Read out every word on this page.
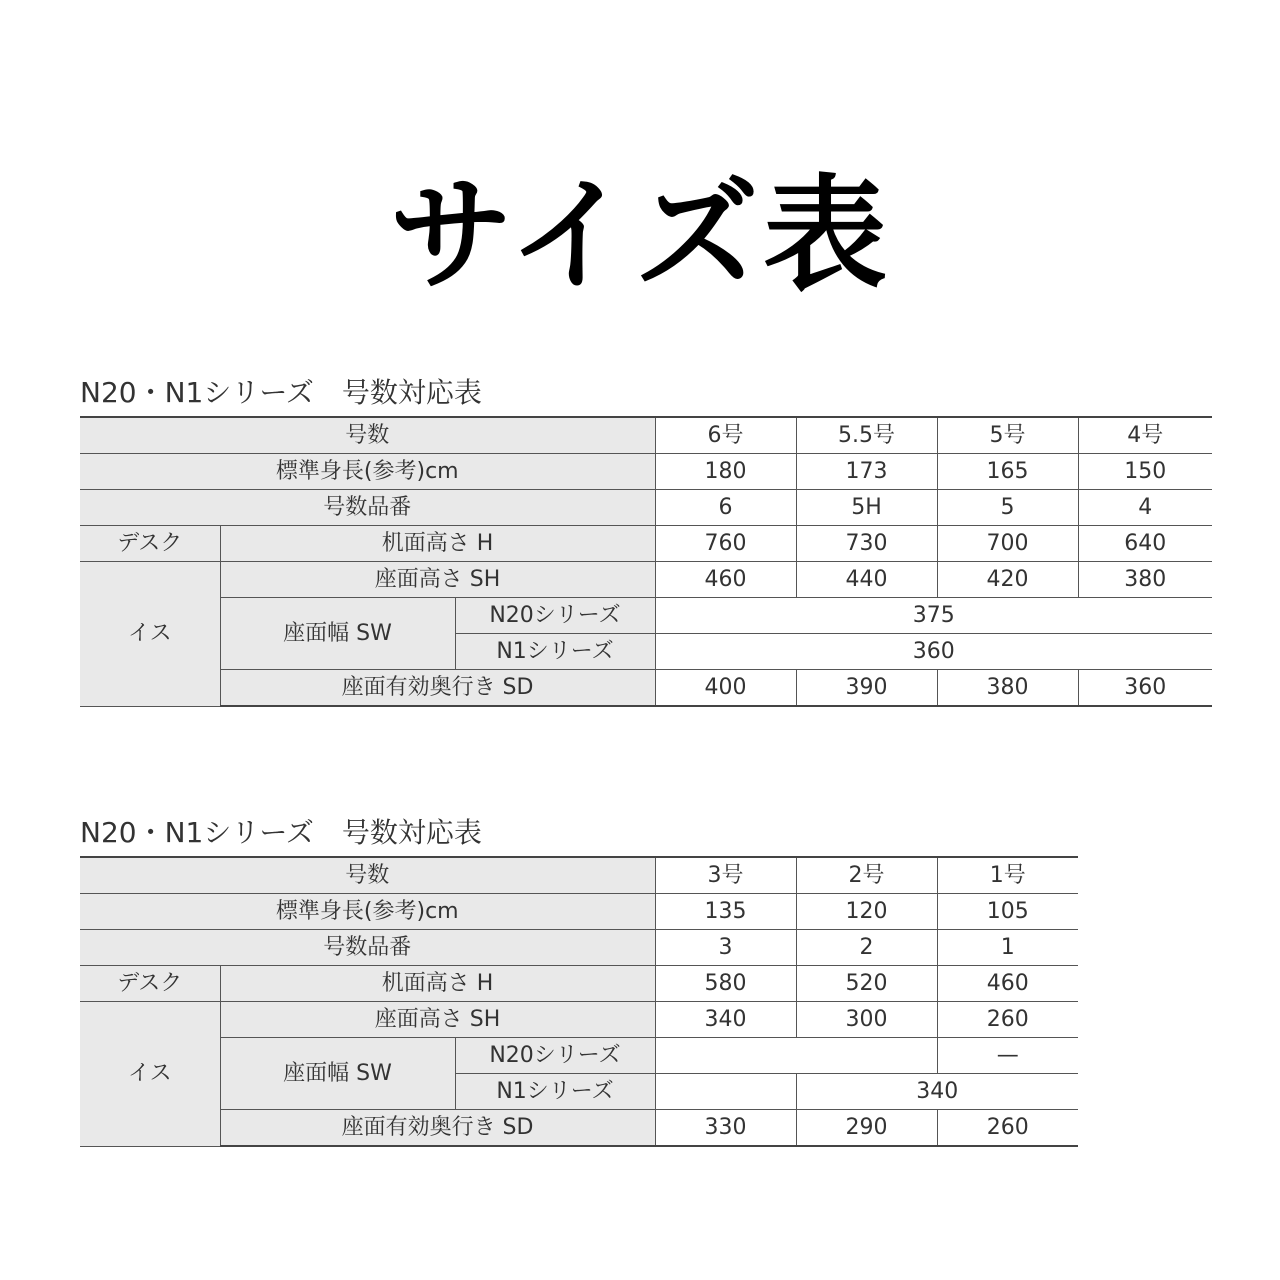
サイズ表
N20・N1シリーズ　号数対応表
号数			6号	5.5号	5号	4号
標準身長(参考)cm			180	173	165	150
号数品番			6	5H	5	4
デスク	机面高さ H		760	730	700	640
イス	座面高さ SH		460	440	420	380
	座面幅 SW	N20シリーズ	375			
		N1シリーズ	360			
	座面有効奥行き SD		400	390	380	360
N20・N1シリーズ　号数対応表
号数			3号	2号	1号
標準身長(参考)cm			135	120	105
号数品番			3	2	1
デスク	机面高さ H		580	520	460
イス	座面高さ SH		340	300	260
	座面幅 SW	N20シリーズ			—
		N1シリーズ		340	
	座面有効奥行き SD		330	290	260
